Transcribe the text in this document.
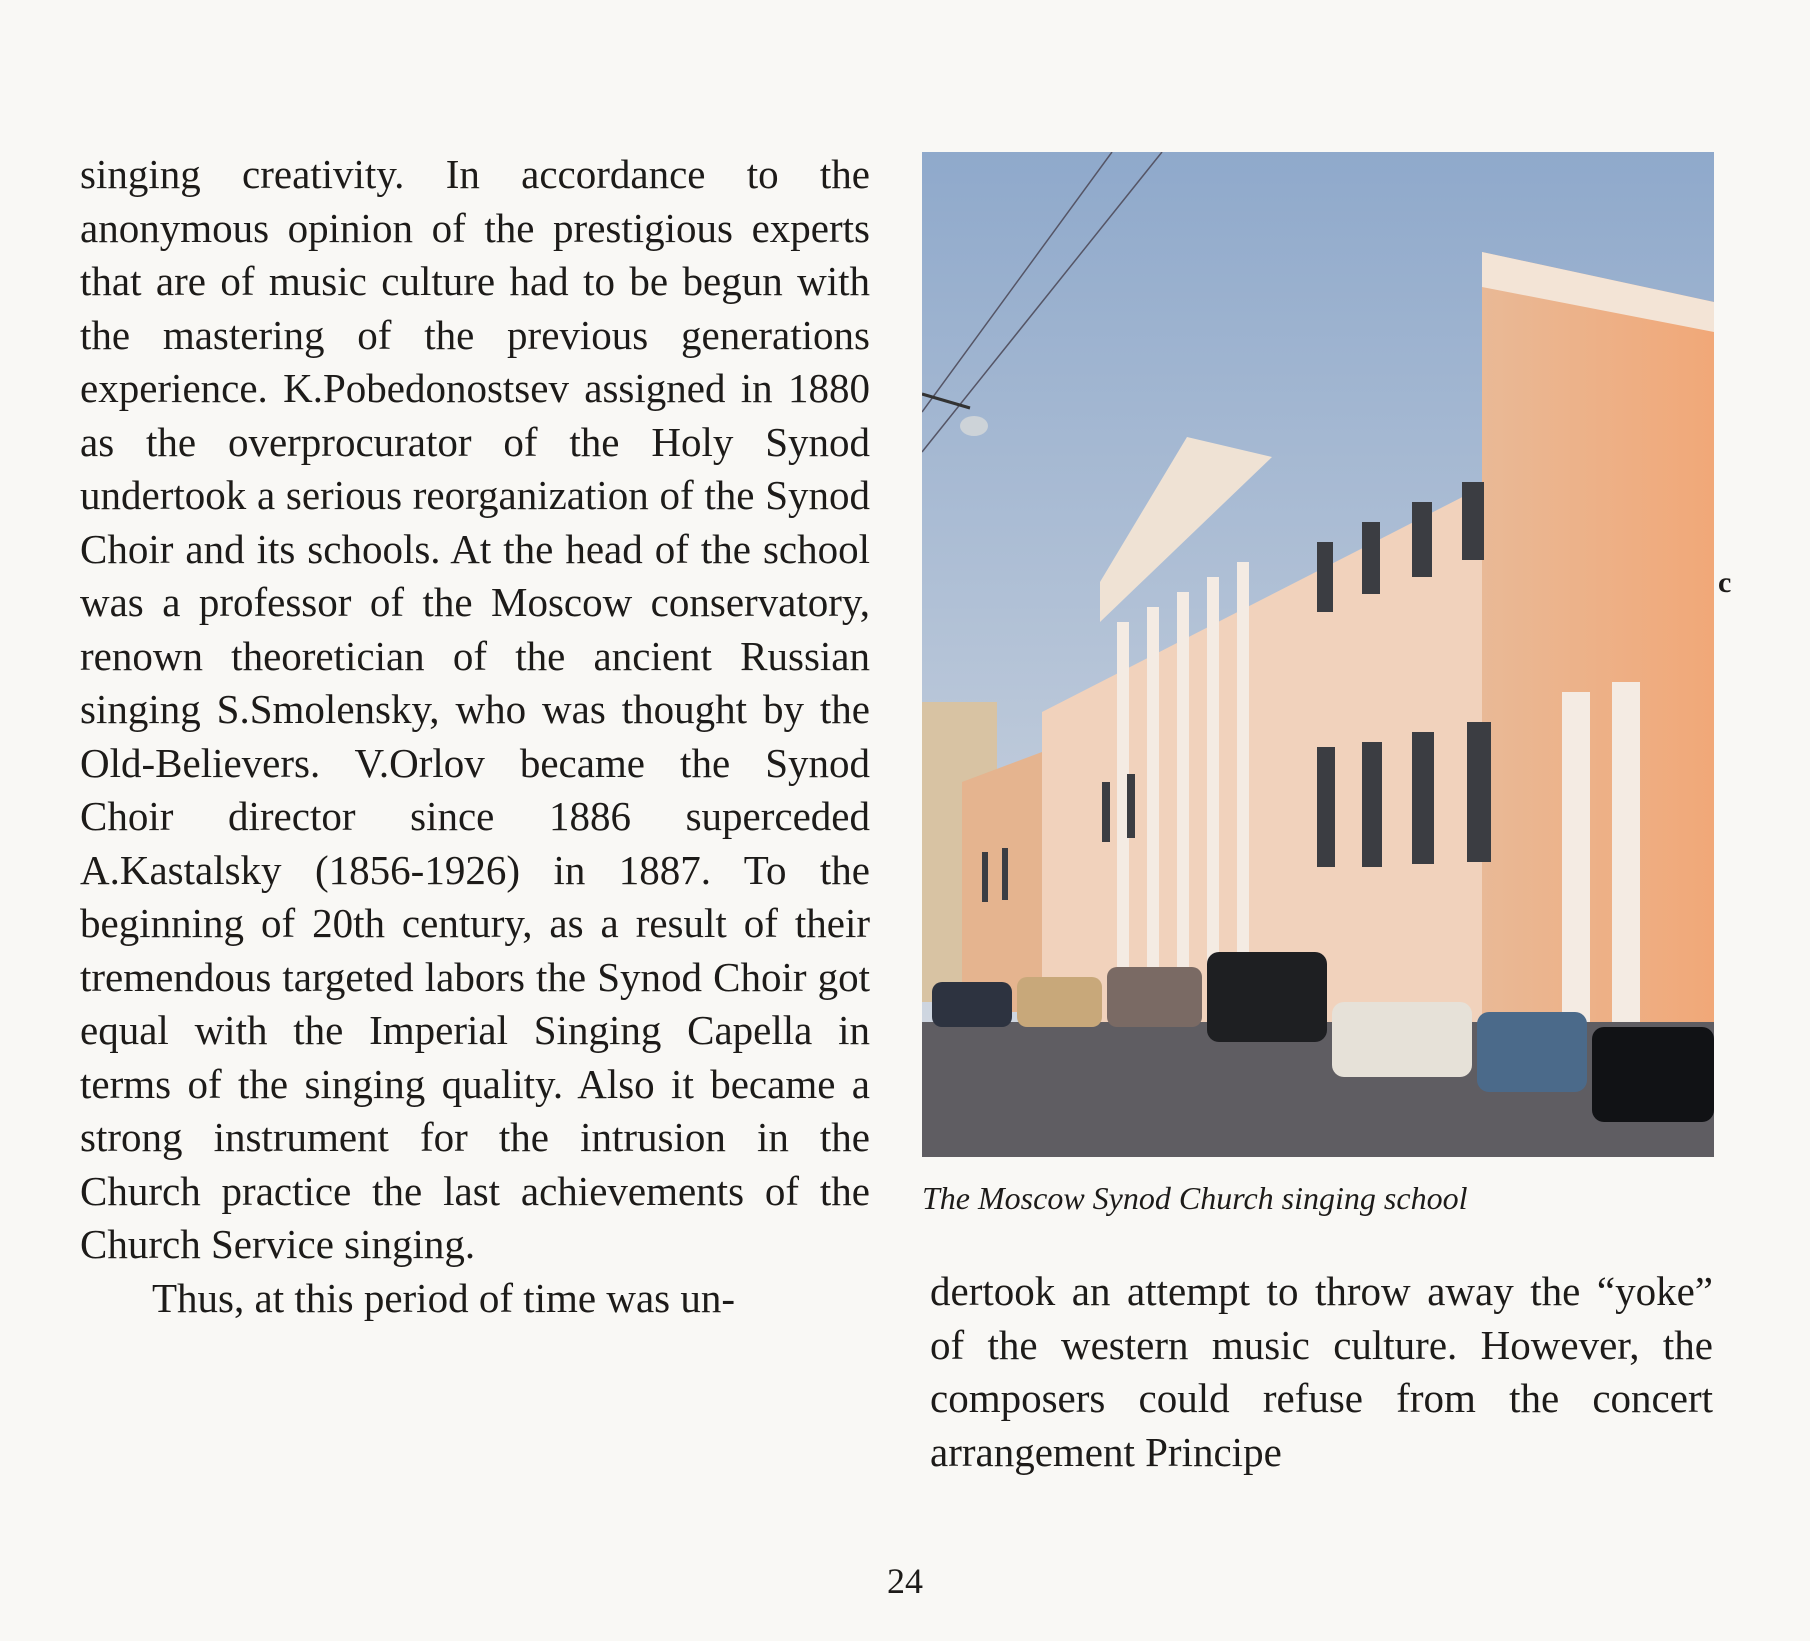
singing creativity. In accordance to the anonymous opinion of the prestigious experts that are of music culture had to be begun with the mastering of the previous generations experience. K.Pobedonostsev assigned in 1880 as the overprocurator of the Holy Synod undertook a serious reorganization of the Synod Choir and its schools. At the head of the school was a professor of the Moscow conservatory, renown theoretician of the ancient Russian singing S.Smolensky, who was thought by the Old-Believers. V.Orlov became the Synod Choir director since 1886 superceded A.Kastalsky (1856-1926) in 1887. To the beginning of 20th century, as a result of their tremendous targeted labors the Synod Choir got equal with the Imperial Singing Capella in terms of the singing quality. Also it became a strong instrument for the intrusion in the Church practice the last achievements of the Church Service singing.

Thus, at this period of time was un-

The Moscow Synod Church singing school
c

dertook an attempt to throw away the “yoke” of the western music culture. However, the composers could refuse from the concert arrangement Principe

24
